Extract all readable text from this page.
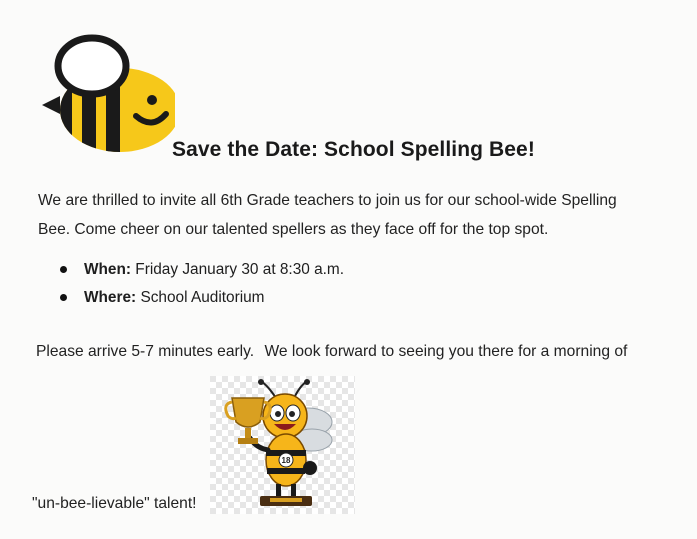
Save the Date: School Spelling Bee!
We are thrilled to invite all 6th Grade teachers to join us for our school-wide Spelling
Bee. Come cheer on our talented spellers as they face off for the top spot.
When: Friday January 30 at 8:30 a.m.
Where: School Auditorium
Please arrive 5-7 minutes early. We look forward to seeing you there for a morning of
18
"un-bee-lievable" talent!
